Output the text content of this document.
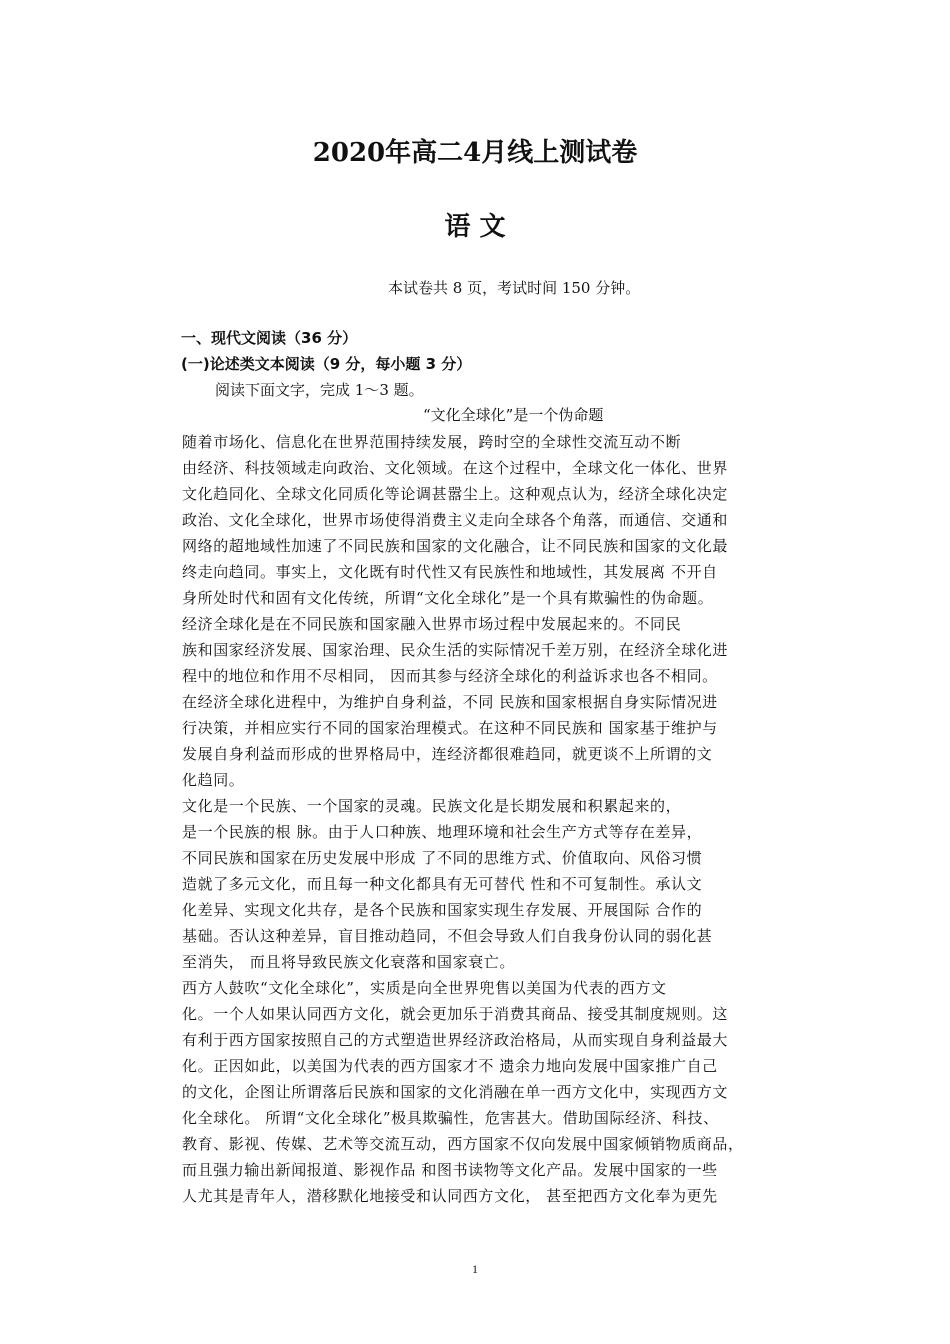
2020年高二4月线上测试卷
语 文
本试卷共 8 页，考试时间 150 分钟。
一、现代文阅读（36 分）
(一)论述类文本阅读（9 分，每小题 3 分）
阅读下面文字，完成 1～3 题。
“文化全球化”是一个伪命题
随着市场化、信息化在世界范围持续发展，跨时空的全球性交流互动不断
由经济、科技领域走向政治、文化领域。在这个过程中，全球文化一体化、世界
文化趋同化、全球文化同质化等论调甚嚣尘上。这种观点认为，经济全球化决定
政治、文化全球化，世界市场使得消费主义走向全球各个角落，而通信、交通和
网络的超地域性加速了不同民族和国家的文化融合，让不同民族和国家的文化最
终走向趋同。事实上，文化既有时代性又有民族性和地域性，其发展离 不开自
身所处时代和固有文化传统，所谓“文化全球化”是一个具有欺骗性的伪命题。
经济全球化是在不同民族和国家融入世界市场过程中发展起来的。不同民
族和国家经济发展、国家治理、民众生活的实际情况千差万别，在经济全球化进
程中的地位和作用不尽相同， 因而其参与经济全球化的利益诉求也各不相同。
在经济全球化进程中，为维护自身利益，不同 民族和国家根据自身实际情况进
行决策，并相应实行不同的国家治理模式。在这种不同民族和 国家基于维护与
发展自身利益而形成的世界格局中，连经济都很难趋同，就更谈不上所谓的文
化趋同。
文化是一个民族、一个国家的灵魂。民族文化是长期发展和积累起来的，
是一个民族的根 脉。由于人口种族、地理环境和社会生产方式等存在差异，
不同民族和国家在历史发展中形成 了不同的思维方式、价值取向、风俗习惯
造就了多元文化，而且每一种文化都具有无可替代 性和不可复制性。承认文
化差异、实现文化共存，是各个民族和国家实现生存发展、开展国际 合作的
基础。否认这种差异，盲目推动趋同，不但会导致人们自我身份认同的弱化甚
至消失， 而且将导致民族文化衰落和国家衰亡。
西方人鼓吹“文化全球化”，实质是向全世界兜售以美国为代表的西方文
化。一个人如果认同西方文化，就会更加乐于消费其商品、接受其制度规则。这
有利于西方国家按照自己的方式塑造世界经济政治格局，从而实现自身利益最大
化。正因如此，以美国为代表的西方国家才不 遗余力地向发展中国家推广自己
的文化，企图让所谓落后民族和国家的文化消融在单一西方文化中，实现西方文
化全球化。 所谓“文化全球化”极具欺骗性，危害甚大。借助国际经济、科技、
教育、影视、传媒、艺术等交流互动，西方国家不仅向发展中国家倾销物质商品，
而且强力输出新闻报道、影视作品 和图书读物等文化产品。发展中国家的一些
人尤其是青年人，潜移默化地接受和认同西方文化， 甚至把西方文化奉为更先
1
